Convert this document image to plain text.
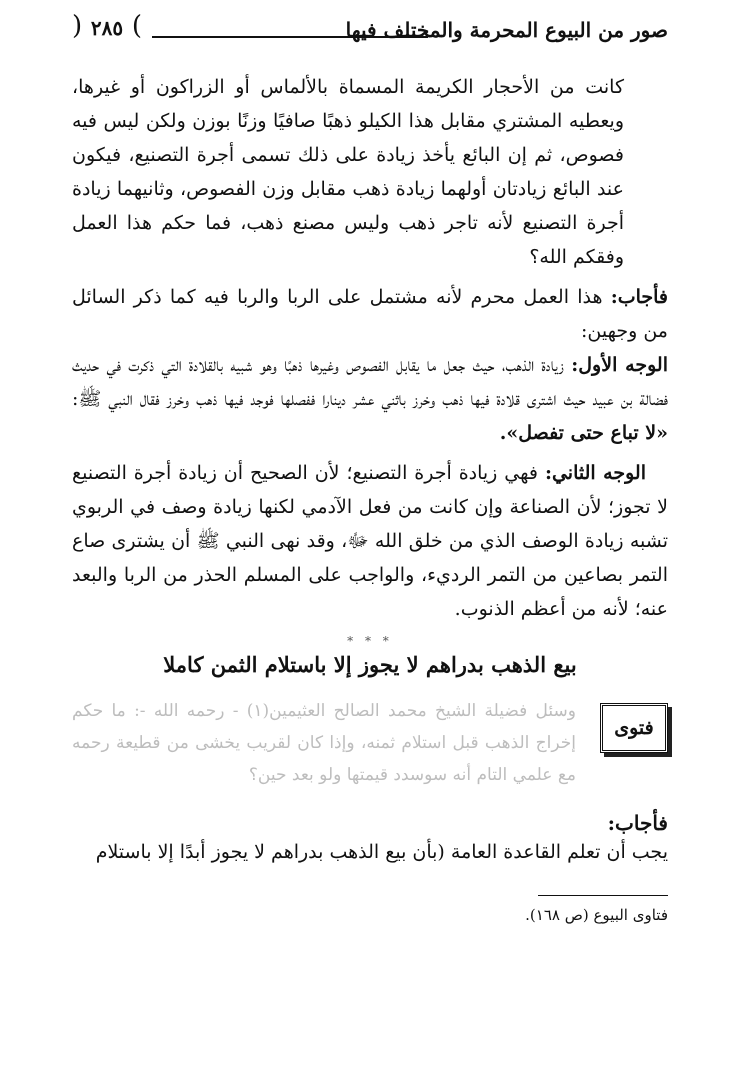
صور من البيوع المحرمة والمختلف فيها
( ٢٨٥ )

كانت من الأحجار الكريمة المسماة بالألماس أو الزراكون أو غيرها، ويعطيه المشتري مقابل هذا الكيلو ذهبًا صافيًا وزنًا بوزن ولكن ليس فيه فصوص، ثم إن البائع يأخذ زيادة على ذلك تسمى أجرة التصنيع، فيكون عند البائع زيادتان أولهما زيادة ذهب مقابل وزن الفصوص، وثانيهما زيادة أجرة التصنيع لأنه تاجر ذهب وليس مصنع ذهب، فما حكم هذا العمل وفقكم الله؟

فأجاب: هذا العمل محرم لأنه مشتمل على الربا والربا فيه كما ذكر السائل من وجهين:

الوجه الأول: زيادة الذهب، حيث جعل ما يقابل الفصوص وغيرها ذهبًا وهو شبيه بالقلادة التي ذكرت في حديث فضالة بن عبيد حيث اشترى قلادة فيها ذهب وخرز باثني عشر دينارا ففصلها فوجد فيها ذهب وخرز فقال النبي ﷺ: «لا تباع حتى تفصل».

الوجه الثاني: فهي زيادة أجرة التصنيع؛ لأن الصحيح أن زيادة أجرة التصنيع لا تجوز؛ لأن الصناعة وإن كانت من فعل الآدمي لكنها زيادة وصف في الربوي تشبه زيادة الوصف الذي من خلق الله ﷻ، وقد نهى النبي ﷺ أن يشترى صاع التمر بصاعين من التمر الرديء، والواجب على المسلم الحذر من الربا والبعد عنه؛ لأنه من أعظم الذنوب.

* * *
بيع الذهب بدراهم لا يجوز إلا باستلام الثمن كاملا
فتوى
وسئل فضيلة الشيخ محمد الصالح العثيمين(١) - رحمه الله -: ما حكم إخراج الذهب قبل استلام ثمنه، وإذا كان لقريب يخشى من قطيعة رحمه مع علمي التام أنه سوسدد قيمتها ولو بعد حين؟
فأجاب:

يجب أن تعلم القاعدة العامة (بأن بيع الذهب بدراهم لا يجوز أبدًا إلا باستلام

فتاوى البيوع (ص ١٦٨).
